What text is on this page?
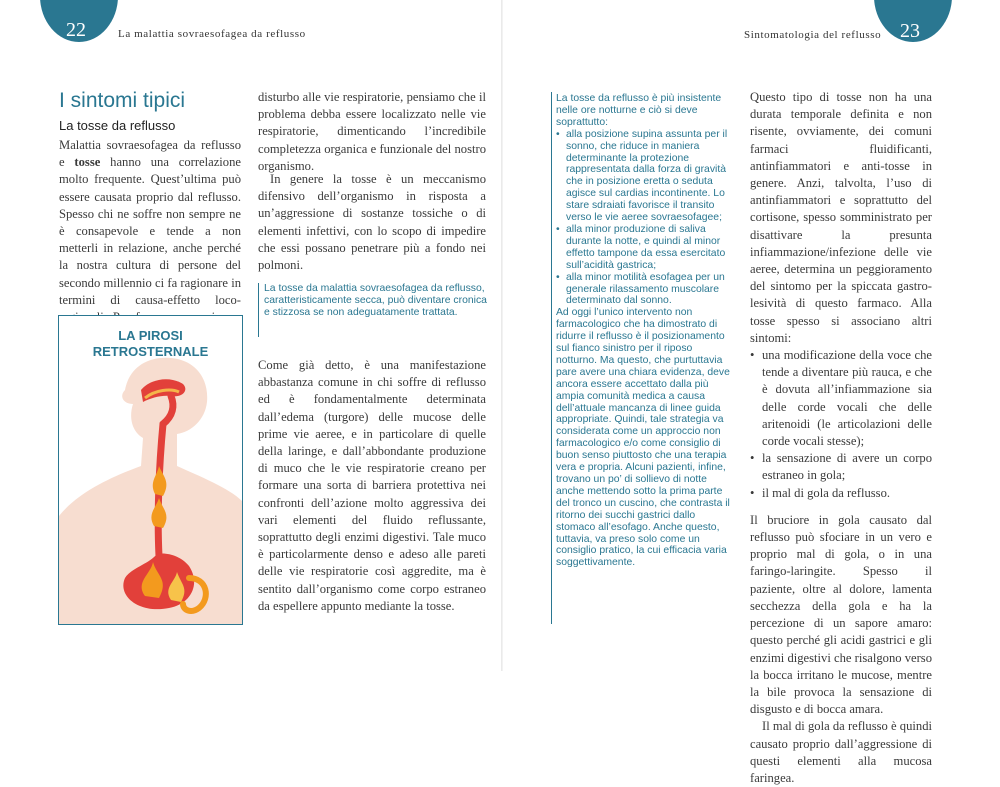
22	La malattia sovraesofagea da reflusso	23
Sintomatologia del reflusso
I sintomi tipici
La tosse da reflusso

Malattia sovraesofagea da reflusso e tosse hanno una correlazione molto frequente. Quest’ultima può essere causata proprio dal reflusso. Spesso chi ne soffre non sempre ne è consapevole e tende a non metterli in relazione, anche perché la nostra cultura di persone del secondo millennio ci fa ragionare in termini di causa-effetto loco-

LA PIROSI
RETROSTERNALE

disturbo alle vie respiratorie, pensiamo che il problema debba essere localizzato nelle vie respiratorie, dimenticando l’incredibile completezza organica e funzionale del nostro organismo.

In genere la tosse è un meccanismo difensivo dell’organismo in risposta a un’aggressione di sostanze tossiche o di elementi infettivi, con lo scopo di impedire che essi possano penetrare più a fondo nei polmoni.

La tosse da malattia sovraesofagea da reflusso, caratteristicamente secca, può diventare cronica e stizzosa se non adeguatamente trattata.

Come già detto, è una manifestazione abbastanza comune in chi soffre di reflusso ed è fondamentalmente determinata dall’edema (turgore) delle mucose delle prime vie aeree, e in particolare di quelle della laringe, e dall’abbondante produzione di muco che le vie respiratorie creano per formare una sorta di barriera protettiva nei confronti dell’azione molto aggressiva dei vari elementi del fluido reflussante, soprattutto degli enzimi digestivi. Tale muco è particolarmente denso e adeso alle pareti delle vie respiratorie così aggredite, ma è sentito dall’organismo come corpo estraneo da espellere appunto mediante la tosse.

La tosse da reflusso è più insistente nelle ore notturne e ciò si deve soprattutto:
• alla posizione supina assunta per il sonno, che riduce in maniera determinante la protezione rappresentata dalla forza di gravità che in posizione eretta o seduta agisce sul cardias incontinente. Lo stare sdraiati favorisce il transito verso le vie aeree sovraesofagee;
• alla minor produzione di saliva durante la notte, e quindi al minor effetto tampone da essa esercitato sull’acidità gastrica;
• alla minor motilità esofagea per un generale rilassamento muscolare determinato dal sonno.
Ad oggi l’unico intervento non farmacologico che ha dimostrato di ridurre il reflusso è il posizionamento sul fianco sinistro per il riposo notturno. Ma questo, che purtuttavia pare avere una chiara evidenza, deve ancora essere accettato dalla più ampia comunità medica a causa dell’attuale mancanza di linee guida appropriate. Quindi, tale strategia va considerata come un approccio non farmacologico e/o come consiglio di buon senso piuttosto che una terapia vera e propria. Alcuni pazienti, infine, trovano un po’ di sollievo di notte anche mettendo sotto la prima parte del tronco un cuscino, che contrasta il ritorno dei succhi gastrici dallo stomaco all’esofago. Anche questo, tuttavia, va preso solo come un consiglio pratico, la cui efficacia varia soggettivamente.
Questo tipo di tosse non ha una durata temporale definita e non risente, ovviamente, dei comuni farmaci fluidificanti, antinfiammatori e anti-tosse in genere. Anzi, talvolta, l’uso di antinfiammatori e soprattutto del cortisone, spesso somministrato per disattivare la presunta infiammazione/infezione delle vie aeree, determina un peggioramento del sintomo per la spiccata gastro-lesività di questo farmaco. Alla tosse spesso si associano altri sintomi:
• una modificazione della voce che tende a diventare più rauca, e che è dovuta all’infiammazione sia delle corde vocali che delle aritenoidi (le articolazioni delle corde vocali stesse);
• la sensazione di avere un corpo estraneo in gola;
• il mal di gola da reflusso.
Il bruciore in gola causato dal reflusso può sfociare in un vero e proprio mal di gola, o in una faringo-laringite. Spesso il paziente, oltre al dolore, lamenta secchezza della gola e ha la percezione di un sapore amaro: questo perché gli acidi gastrici e gli enzimi digestivi che risalgono verso la bocca irritano le mucose, mentre la bile provoca la sensazione di disgusto e di bocca amara.
Il mal di gola da reflusso è quindi causato proprio dall’aggressione di questi elementi alla mucosa faringea.
